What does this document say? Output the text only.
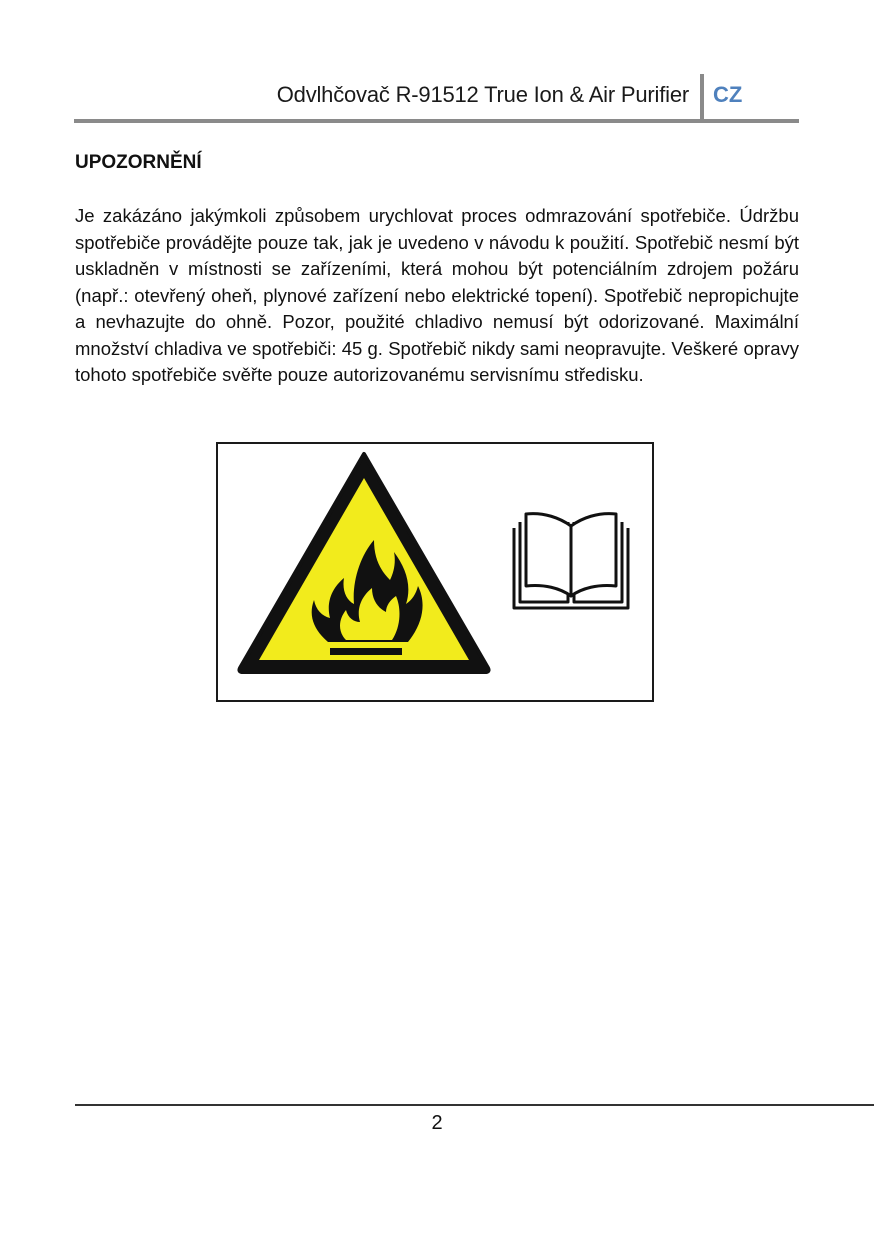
Odvlhčovač R-91512 True Ion & Air Purifier CZ
UPOZORNĚNÍ

Je zakázáno jakýmkoli způsobem urychlovat proces odmrazování spotřebiče. Údržbu spotřebiče provádějte pouze tak, jak je uvedeno v návodu k použití. Spotřebič nesmí být uskladněn v místnosti se zařízeními, která mohou být potenciálním zdrojem požáru (např.: otevřený oheň, plynové zařízení nebo elektrické topení). Spotřebič nepropichujte a nevhazujte do ohně. Pozor, použité chladivo nemusí být odorizované. Maximální množství chladiva ve spotřebiči: 45 g. Spotřebič nikdy sami neopravujte. Veškeré opravy tohoto spotřebiče svěřte pouze autorizovanému servisnímu středisku.

2
